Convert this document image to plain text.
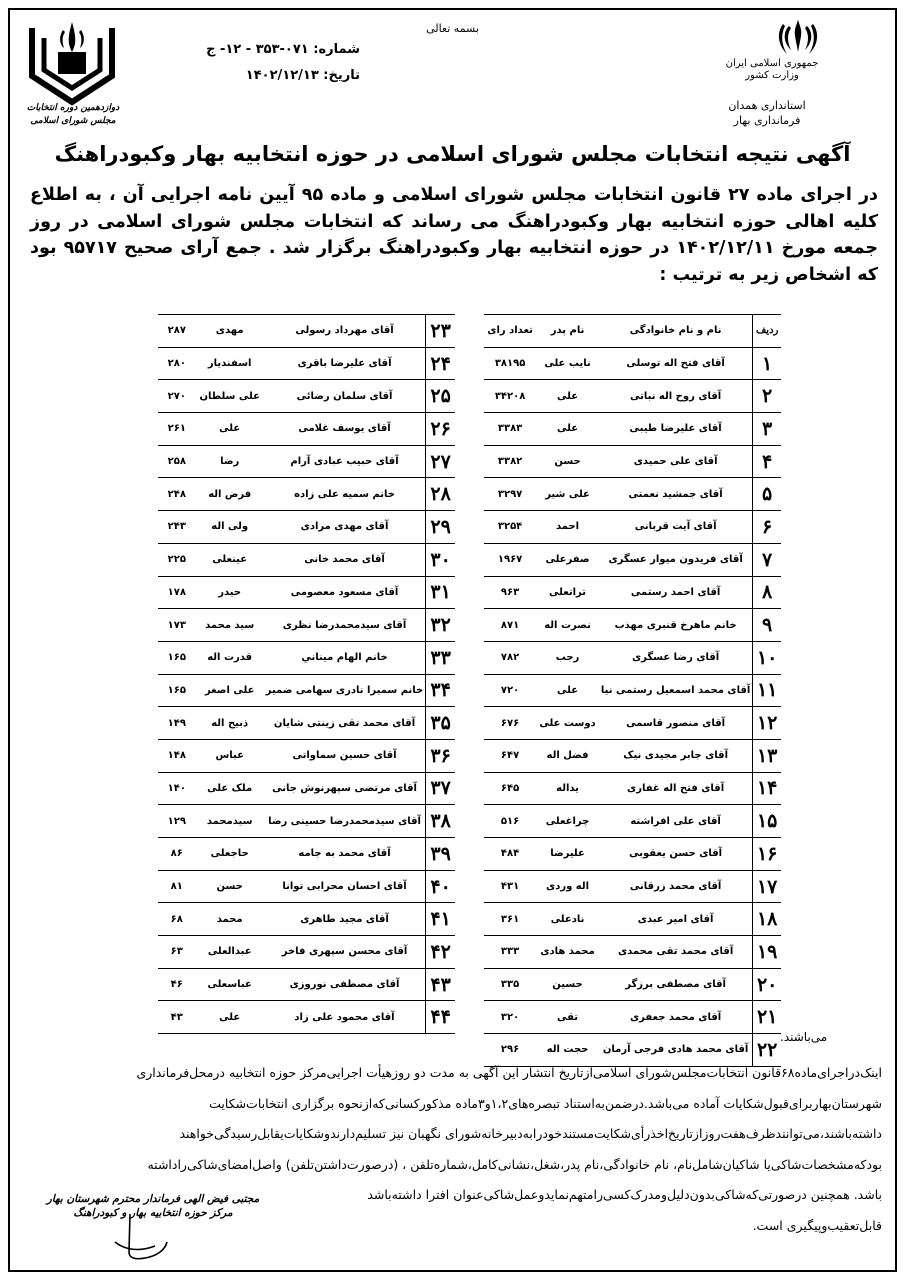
بسمه تعالی
جمهوری اسلامی ایران
وزارت کشور
استانداری همدان
فرمانداری بهار
شماره: ۰۷۱-۳۵۳ - ۱۲- ج
تاریخ: ۱۴۰۲/۱۲/۱۳
دوازدهمین دوره انتخابات
مجلس شورای اسلامی
آگهی نتیجه انتخابات مجلس شورای اسلامی در حوزه انتخابیه بهار وکبودراهنگ
در اجرای ماده ۲۷ قانون انتخابات مجلس شورای اسلامی و ماده ۹۵ آیین نامه اجرایی آن ، به اطلاع کلیه اهالی حوزه انتخابیه بهار وکبودراهنگ می رساند که انتخابات مجلس شورای اسلامی در روز جمعه مورخ ۱۴۰۲/۱۲/۱۱ در حوزه انتخابیه بهار وکبودراهنگ برگزار شد . جمع آرای صحیح ۹۵۷۱۷ بود که اشخاص زیر به ترتیب :
ردیف	نام و نام خانوادگی	نام پدر	تعداد رای
۱	آقای فتح اله توسلی	نایب علی	۳۸۱۹۵
۲	آقای روح اله نباتی	علی	۳۴۲۰۸
۳	آقای علیرضا طیبی	علی	۳۳۸۳
۴	آقای علی حمیدی	حسن	۳۳۸۲
۵	آقای جمشید نعمتی	علی شیر	۳۲۹۷
۶	آقای آیت قربانی	احمد	۳۲۵۴
۷	آقای فریدون میوار عسگری	صفرعلی	۱۹۶۷
۸	آقای احمد رستمی	تراتعلی	۹۶۳
۹	خانم ماهرخ قنبری مهذب	نصرت اله	۸۷۱
۱۰	آقای رضا عسگری	رجب	۷۸۲
۱۱	آقای محمد اسمعیل رستمی نیا	علی	۷۲۰
۱۲	آقای منصور قاسمی	دوست علی	۶۷۶
۱۳	آقای جابر مجیدی نیک	فضل اله	۶۴۷
۱۴	آقای فتح اله غفاری	یداله	۶۴۵
۱۵	آقای علی افراشته	چراغعلی	۵۱۶
۱۶	آقای حسن یعقوبی	علیرضا	۴۸۴
۱۷	آقای محمد زرقانی	اله وردی	۴۳۱
۱۸	آقای امیر عبدی	نادعلی	۳۶۱
۱۹	آقای محمد تقی محمدی	محمد هادی	۳۳۳
۲۰	آقای مصطفی برزگر	حسین	۳۳۵
۲۱	آقای محمد جعفری	تقی	۳۲۰
۲۲	آقای محمد هادی فرجی آرمان	حجت اله	۲۹۶
۲۳	آقای مهرداد رسولی	مهدی	۲۸۷
۲۴	آقای علیرضا باقری	اسفندیار	۲۸۰
۲۵	آقای سلمان رضائی	علی سلطان	۲۷۰
۲۶	آقای یوسف غلامی	علی	۲۶۱
۲۷	آقای حبیب عبادی آرام	رضا	۲۵۸
۲۸	خانم سمیه علی زاده	فرض اله	۲۴۸
۲۹	آقای مهدی مرادی	ولی اله	۲۴۳
۳۰	آقای محمد خانی	عینعلی	۲۲۵
۳۱	آقای مسعود معصومی	حیدر	۱۷۸
۳۲	آقای سیدمحمدرضا نظری	سید محمد	۱۷۳
۳۳	خانم الهام میناني	قدرت اله	۱۶۵
۳۴	خانم سمیرا نادری سهامی ضمیر	علی اصغر	۱۶۵
۳۵	آقای محمد تقی زینتی شایان	ذبیح اله	۱۴۹
۳۶	آقای حسین سماواتی	عباس	۱۴۸
۳۷	آقای مرتضی سپهرنوش جانی	ملک علی	۱۴۰
۳۸	آقای سیدمحمدرضا حسینی رضا	سیدمحمد	۱۲۹
۳۹	آقای محمد به جامه	حاجعلی	۸۶
۴۰	آقای احسان محرابی توانا	حسن	۸۱
۴۱	آقای مجید طاهری	محمد	۶۸
۴۲	آقای محسن سپهری فاخر	عبدالعلی	۶۳
۴۳	آقای مصطفی نوروزی	عباسعلی	۴۶
۴۴	آقای محمود علی زاد	علی	۴۳
می‌باشند.
اینک‌درا‌جرای‌ماده‌۶۸قانون انتخابات‌مجلس‌شورای اسلامی‌ازتاریخ انتشار این آگهی به مدت دو روزهیأت اجرایی‌مرکز حوزه انتخابیه درمحل‌فرمانداری
شهرستان‌بهار‌برای‌قبول‌شکایات آماده می‌باشد.درضمن‌به‌استناد تبصره‌های۱،۲و۳ماده مذکورکسانی‌که‌ازنحوه برگزاری انتخابات‌شکایت
داشته‌باشند،می‌توانندظرف‌هفت‌روزازتاریخ‌اخذرأی‌شکایت‌مستندخودرابه‌دبیرخانه‌شورای نگهبان نیز تسلیم‌دارندوشکایات‌یقابل‌رسیدگی‌خواهند
بودکه‌مشخصات‌شاکی‌یا شاکیان‌شامل‌نام، نام خانوادگی،نام پدر،شغل،نشانی‌کامل،شماره‌تلفن ، (درصورت‌داشتن‌تلفن) واصل‌امضای‌شاکی‌راداشته
باشد. همچنین درصورتی‌که‌شاکی‌بدون‌دلیل‌ومدرک‌کسی‌رامتهم‌نمایدوعمل‌شاکی‌عنوان افترا داشته‌باشد
قابل‌تعقیب‌وپیگیری است.
مجتبی فیض الهی فرماندار محترم شهرستان بهار
مرکز حوزه انتخابیه بهار و کبودراهنگ
